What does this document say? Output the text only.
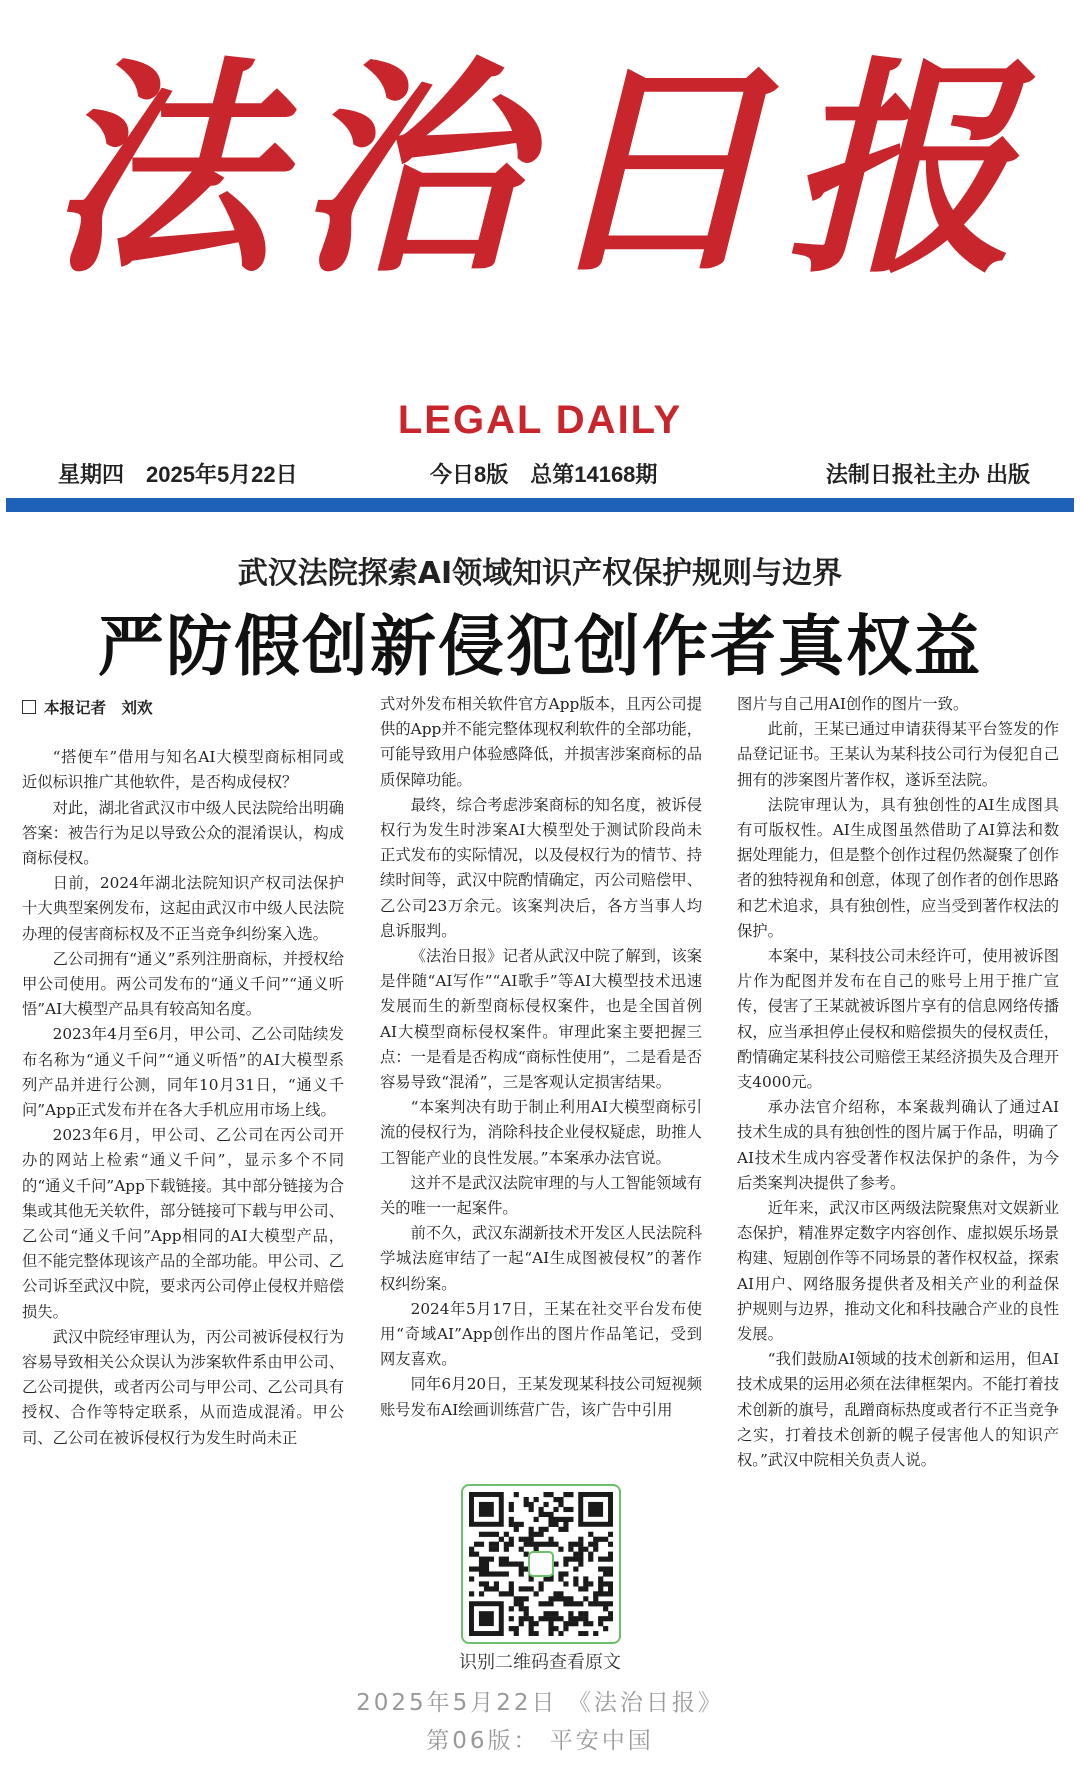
法治日报
LEGAL DAILY
星期四　2025年5月22日	今日8版　总第14168期	法制日报社主办 出版
武汉法院探索AI领域知识产权保护规则与边界
严防假创新侵犯创作者真权益
本报记者　刘欢

“搭便车”借用与知名AI大模型商标相同或近似标识推广其他软件，是否构成侵权？

对此，湖北省武汉市中级人民法院给出明确答案：被告行为足以导致公众的混淆误认，构成商标侵权。

日前，2024年湖北法院知识产权司法保护十大典型案例发布，这起由武汉市中级人民法院办理的侵害商标权及不正当竞争纠纷案入选。

乙公司拥有“通义”系列注册商标，并授权给甲公司使用。两公司发布的“通义千问”“通义听悟”AI大模型产品具有较高知名度。

2023年4月至6月，甲公司、乙公司陆续发布名称为“通义千问”“通义听悟”的AI大模型系列产品并进行公测，同年10月31日，“通义千问”App正式发布并在各大手机应用市场上线。

2023年6月，甲公司、乙公司在丙公司开办的网站上检索“通义千问”，显示多个不同的“通义千问”App下载链接。其中部分链接为合集或其他无关软件，部分链接可下载与甲公司、乙公司“通义千问”App相同的AI大模型产品，但不能完整体现该产品的全部功能。甲公司、乙公司诉至武汉中院，要求丙公司停止侵权并赔偿损失。

武汉中院经审理认为，丙公司被诉侵权行为容易导致相关公众误认为涉案软件系由甲公司、乙公司提供，或者丙公司与甲公司、乙公司具有授权、合作等特定联系，从而造成混淆。甲公司、乙公司在被诉侵权行为发生时尚未正

式对外发布相关软件官方App版本，且丙公司提供的App并不能完整体现权利软件的全部功能，可能导致用户体验感降低，并损害涉案商标的品质保障功能。

最终，综合考虑涉案商标的知名度，被诉侵权行为发生时涉案AI大模型处于测试阶段尚未正式发布的实际情况，以及侵权行为的情节、持续时间等，武汉中院酌情确定，丙公司赔偿甲、乙公司23万余元。该案判决后，各方当事人均息诉服判。

《法治日报》记者从武汉中院了解到，该案是伴随“AI写作”“AI歌手”等AI大模型技术迅速发展而生的新型商标侵权案件，也是全国首例AI大模型商标侵权案件。审理此案主要把握三点：一是看是否构成“商标性使用”，二是看是否容易导致“混淆”，三是客观认定损害结果。

“本案判决有助于制止利用AI大模型商标引流的侵权行为，消除科技企业侵权疑虑，助推人工智能产业的良性发展。”本案承办法官说。

这并不是武汉法院审理的与人工智能领域有关的唯一一起案件。

前不久，武汉东湖新技术开发区人民法院科学城法庭审结了一起“AI生成图被侵权”的著作权纠纷案。

2024年5月17日，王某在社交平台发布使用“奇域AI”App创作出的图片作品笔记，受到网友喜欢。

同年6月20日，王某发现某科技公司短视频账号发布AI绘画训练营广告，该广告中引用

图片与自己用AI创作的图片一致。

此前，王某已通过申请获得某平台签发的作品登记证书。王某认为某科技公司行为侵犯自己拥有的涉案图片著作权，遂诉至法院。

法院审理认为，具有独创性的AI生成图具有可版权性。AI生成图虽然借助了AI算法和数据处理能力，但是整个创作过程仍然凝聚了创作者的独特视角和创意，体现了创作者的创作思路和艺术追求，具有独创性，应当受到著作权法的保护。

本案中，某科技公司未经许可，使用被诉图片作为配图并发布在自己的账号上用于推广宣传，侵害了王某就被诉图片享有的信息网络传播权，应当承担停止侵权和赔偿损失的侵权责任，酌情确定某科技公司赔偿王某经济损失及合理开支4000元。

承办法官介绍称，本案裁判确认了通过AI技术生成的具有独创性的图片属于作品，明确了AI技术生成内容受著作权法保护的条件，为今后类案判决提供了参考。

近年来，武汉市区两级法院聚焦对文娱新业态保护，精准界定数字内容创作、虚拟娱乐场景构建、短剧创作等不同场景的著作权权益，探索AI用户、网络服务提供者及相关产业的利益保护规则与边界，推动文化和科技融合产业的良性发展。

“我们鼓励AI领域的技术创新和运用，但AI技术成果的运用必须在法律框架内。不能打着技术创新的旗号，乱蹭商标热度或者行不正当竞争之实，打着技术创新的幌子侵害他人的知识产权。”武汉中院相关负责人说。

识别二维码查看原文
2025年5月22日 《法治日报》
第06版： 平安中国
